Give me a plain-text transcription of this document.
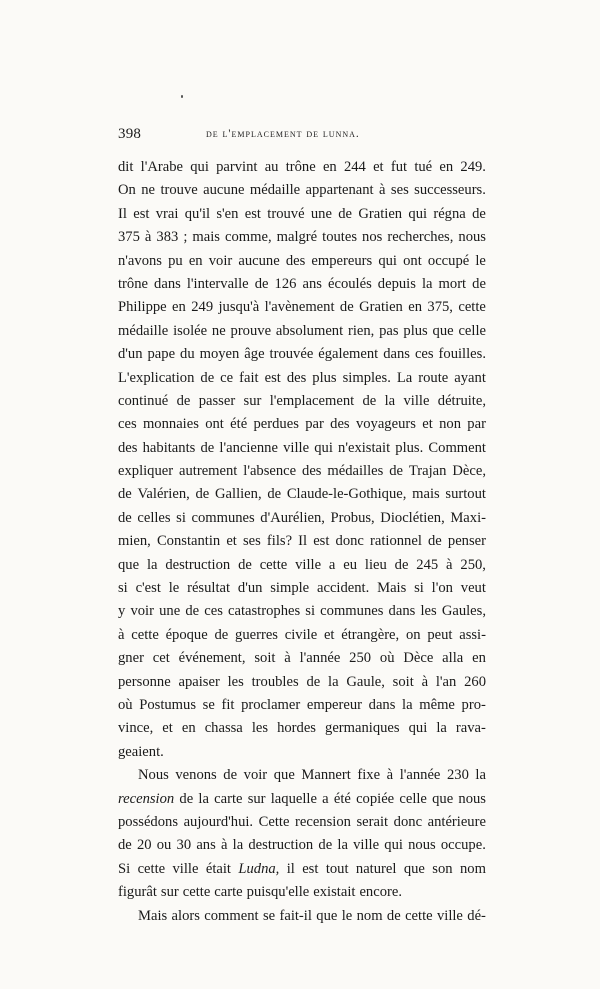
398	de l'emplacement de lunna.
dit l'Arabe qui parvint au trône en 244 et fut tué en 249.
On ne trouve aucune médaille appartenant à ses successeurs.
Il est vrai qu'il s'en est trouvé une de Gratien qui régna de
375 à 383 ; mais comme, malgré toutes nos recherches, nous
n'avons pu en voir aucune des empereurs qui ont occupé le
trône dans l'intervalle de 126 ans écoulés depuis la mort de
Philippe en 249 jusqu'à l'avènement de Gratien en 375, cette
médaille isolée ne prouve absolument rien, pas plus que celle
d'un pape du moyen âge trouvée également dans ces fouilles.
L'explication de ce fait est des plus simples. La route ayant
continué de passer sur l'emplacement de la ville détruite,
ces monnaies ont été perdues par des voyageurs et non par
des habitants de l'ancienne ville qui n'existait plus. Comment
expliquer autrement l'absence des médailles de Trajan Dèce,
de Valérien, de Gallien, de Claude-le-Gothique, mais surtout
de celles si communes d'Aurélien, Probus, Dioclétien, Maxi-
mien, Constantin et ses fils? Il est donc rationnel de penser
que la destruction de cette ville a eu lieu de 245 à 250,
si c'est le résultat d'un simple accident. Mais si l'on veut
y voir une de ces catastrophes si communes dans les Gaules,
à cette époque de guerres civile et étrangère, on peut assi-
gner cet événement, soit à l'année 250 où Dèce alla en
personne apaiser les troubles de la Gaule, soit à l'an 260
où Postumus se fit proclamer empereur dans la même pro-
vince, et en chassa les hordes germaniques qui la rava-
geaient.
Nous venons de voir que Mannert fixe à l'année 230 la
recension de la carte sur laquelle a été copiée celle que nous
possédons aujourd'hui. Cette recension serait donc antérieure
de 20 ou 30 ans à la destruction de la ville qui nous occupe.
Si cette ville était Ludna, il est tout naturel que son nom
figurât sur cette carte puisqu'elle existait encore.
Mais alors comment se fait-il que le nom de cette ville dé-
